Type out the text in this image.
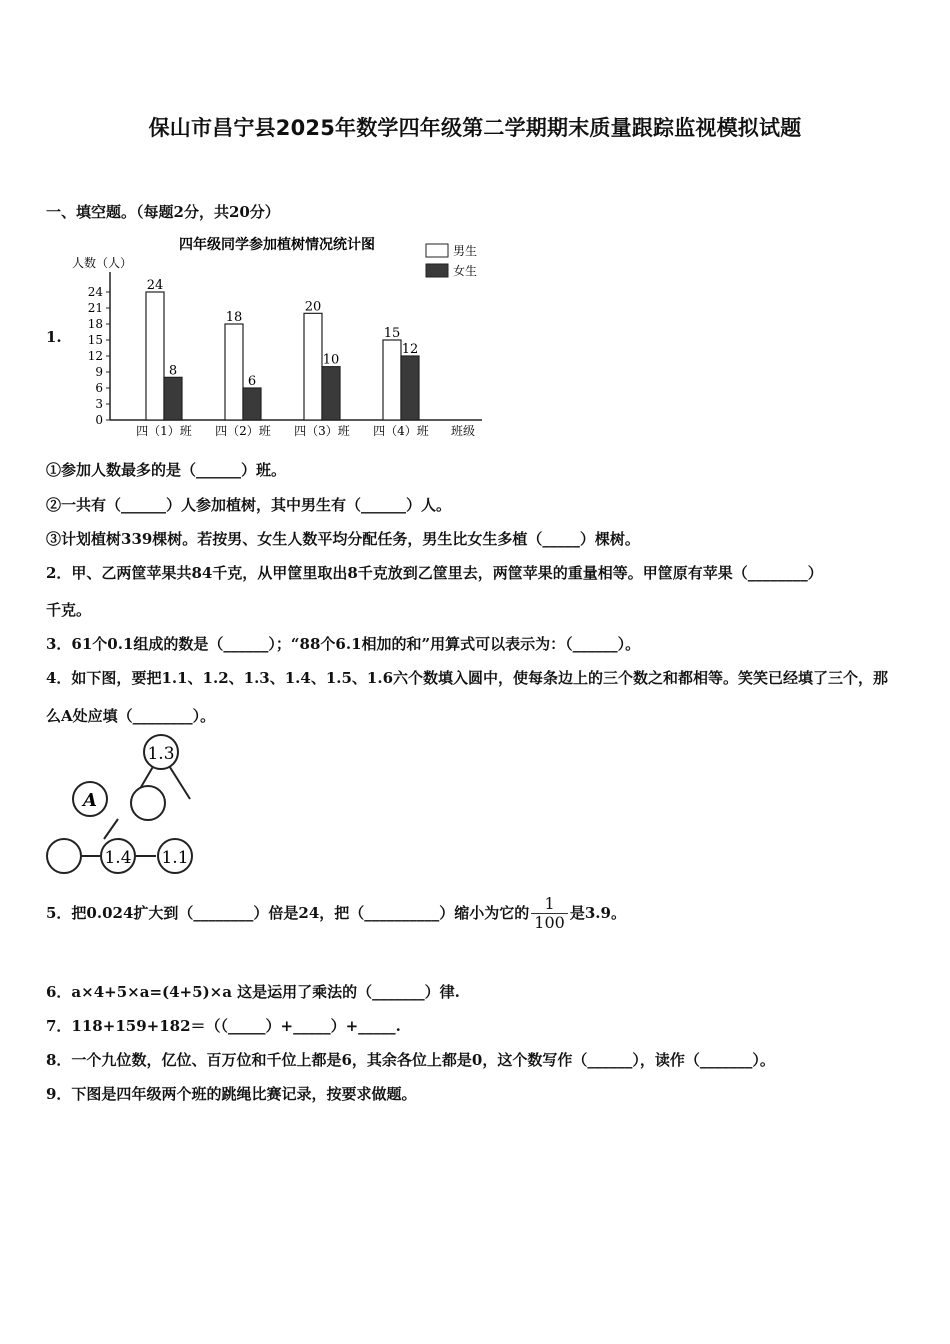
保山市昌宁县2025年数学四年级第二学期期末质量跟踪监视模拟试题
一、填空题。（每题2分，共20分）
1.
四年级同学参加植树情况统计图
人数（人）
0
3
6
9
12
15
18
21
24	24
8
18
6
20
10
15
12
四（1）班 四（2）班 四（3）班 四（4）班 班级
男生
女生
①参加人数最多的是（______）班。
②一共有（______）人参加植树，其中男生有（______）人。
③计划植树339棵树。若按男、女生人数平均分配任务，男生比女生多植（_____）棵树。
2．甲、乙两筐苹果共84千克，从甲筐里取出8千克放到乙筐里去，两筐苹果的重量相等。甲筐原有苹果（________）
千克。
3．61个0.1组成的数是（______）；“88个6.1相加的和”用算式可以表示为：（______）。
4．如下图，要把1.1、1.2、1.3、1.4、1.5、1.6六个数填入圆中，使每条边上的三个数之和都相等。笑笑已经填了三个，那
么A处应填（________）。
1.3
A
1.4 1.1
5．把0.024扩大到（________）倍是24，把（__________）缩小为它的 $\frac{1}{100}$ 是3.9。
6．a×4+5×a=(4+5)×a 这是运用了乘法的（_______）律.
7．118+159+182＝（（_____）+_____）+_____.
8．一个九位数，亿位、百万位和千位上都是6，其余各位上都是0，这个数写作（______），读作（_______）。
9．下图是四年级两个班的跳绳比赛记录，按要求做题。
